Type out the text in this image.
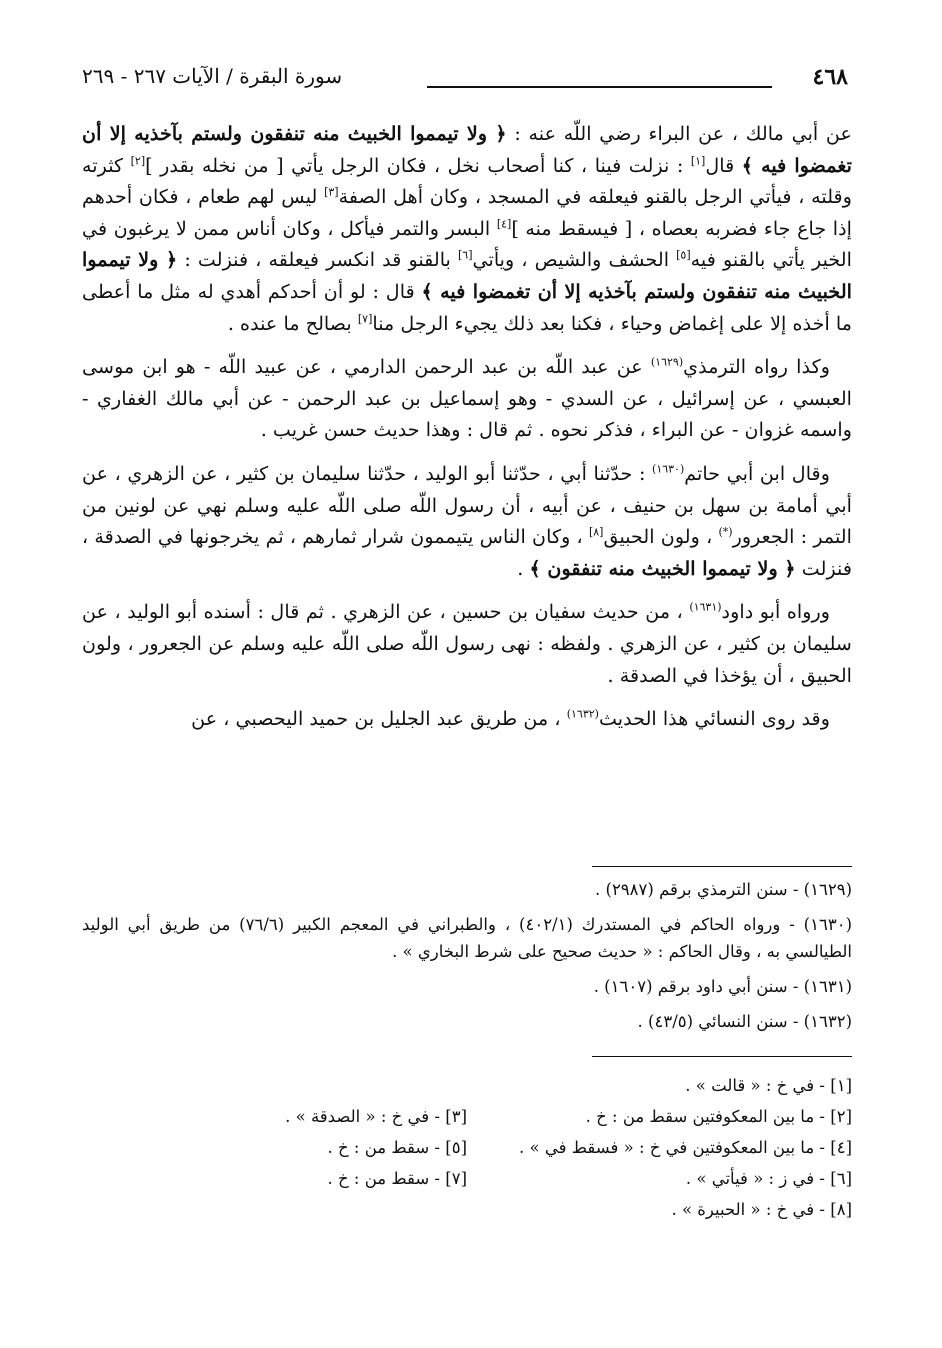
٤٦٨
سورة البقرة / الآيات ٢٦٧ - ٢٦٩

عن أبي مالك ، عن البراء رضي اللّه عنه : ﴿ ولا تيمموا الخبيث منه تنفقون ولستم بآخذيه إلا أن تغمضوا فيه ﴾ قال[١] : نزلت فينا ، كنا أصحاب نخل ، فكان الرجل يأتي [ من نخله بقدر ][٢] كثرته وقلته ، فيأتي الرجل بالقنو فيعلقه في المسجد ، وكان أهل الصفة[٣] ليس لهم طعام ، فكان أحدهم إذا جاع جاء فضربه بعصاه ، [ فيسقط منه ][٤] البسر والتمر فيأكل ، وكان أناس ممن لا يرغبون في الخير يأتي بالقنو فيه[٥] الحشف والشيص ، ويأتي[٦] بالقنو قد انكسر فيعلقه ، فنزلت : ﴿ ولا تيمموا الخبيث منه تنفقون ولستم بآخذيه إلا أن تغمضوا فيه ﴾ قال : لو أن أحدكم أهدي له مثل ما أعطى ما أخذه إلا على إغماض وحياء ، فكنا بعد ذلك يجيء الرجل منا[٧] بصالح ما عنده .

وكذا رواه الترمذي$^{(١٦٢٩)}$ عن عبد اللّه بن عبد الرحمن الدارمي ، عن عبيد اللّه - هو ابن موسى العبسي ، عن إسرائيل ، عن السدي - وهو إسماعيل بن عبد الرحمن - عن أبي مالك الغفاري - واسمه غزوان - عن البراء ، فذكر نحوه . ثم قال : وهذا حديث حسن غريب .

وقال ابن أبي حاتم$^{(١٦٣٠)}$ : حدّثنا أبي ، حدّثنا أبو الوليد ، حدّثنا سليمان بن كثير ، عن الزهري ، عن أبي أمامة بن سهل بن حنيف ، عن أبيه ، أن رسول اللّه صلى اللّه عليه وسلم نهي عن لونين من التمر : الجعرور(*) ، ولون الحبيق[٨] ، وكان الناس يتيممون شرار ثمارهم ، ثم يخرجونها في الصدقة ، فنزلت ﴿ ولا تيمموا الخبيث منه تنفقون ﴾ .

ورواه أبو داود$^{(١٦٣١)}$ ، من حديث سفيان بن حسين ، عن الزهري . ثم قال : أسنده أبو الوليد ، عن سليمان بن كثير ، عن الزهري . ولفظه : نهى رسول اللّه صلى اللّه عليه وسلم عن الجعرور ، ولون الحبيق ، أن يؤخذا في الصدقة .

وقد روى النسائي هذا الحديث$^{(١٦٣٢)}$ ، من طريق عبد الجليل بن حميد اليحصبي ، عن

(١٦٢٩) - سنن الترمذي برقم (٢٩٨٧) .

(١٦٣٠) - ورواه الحاكم في المستدرك (٤٠٢/١) ، والطبراني في المعجم الكبير (٧٦/٦) من طريق أبي الوليد الطيالسي به ، وقال الحاكم : « حديث صحيح على شرط البخاري » .

(١٦٣١) - سنن أبي داود برقم (١٦٠٧) .

(١٦٣٢) - سنن النسائي (٤٣/٥) .

[١] - في خ : « قالت » .
[٢] - ما بين المعكوفتين سقط من : خ .
[٣] - في خ : « الصدقة » .
[٤] - ما بين المعكوفتين في خ : « فسقط في » .
[٥] - سقط من : خ .
[٦] - في ز : « فيأتي » .
[٧] - سقط من : خ .
[٨] - في خ : « الحبيرة » .
